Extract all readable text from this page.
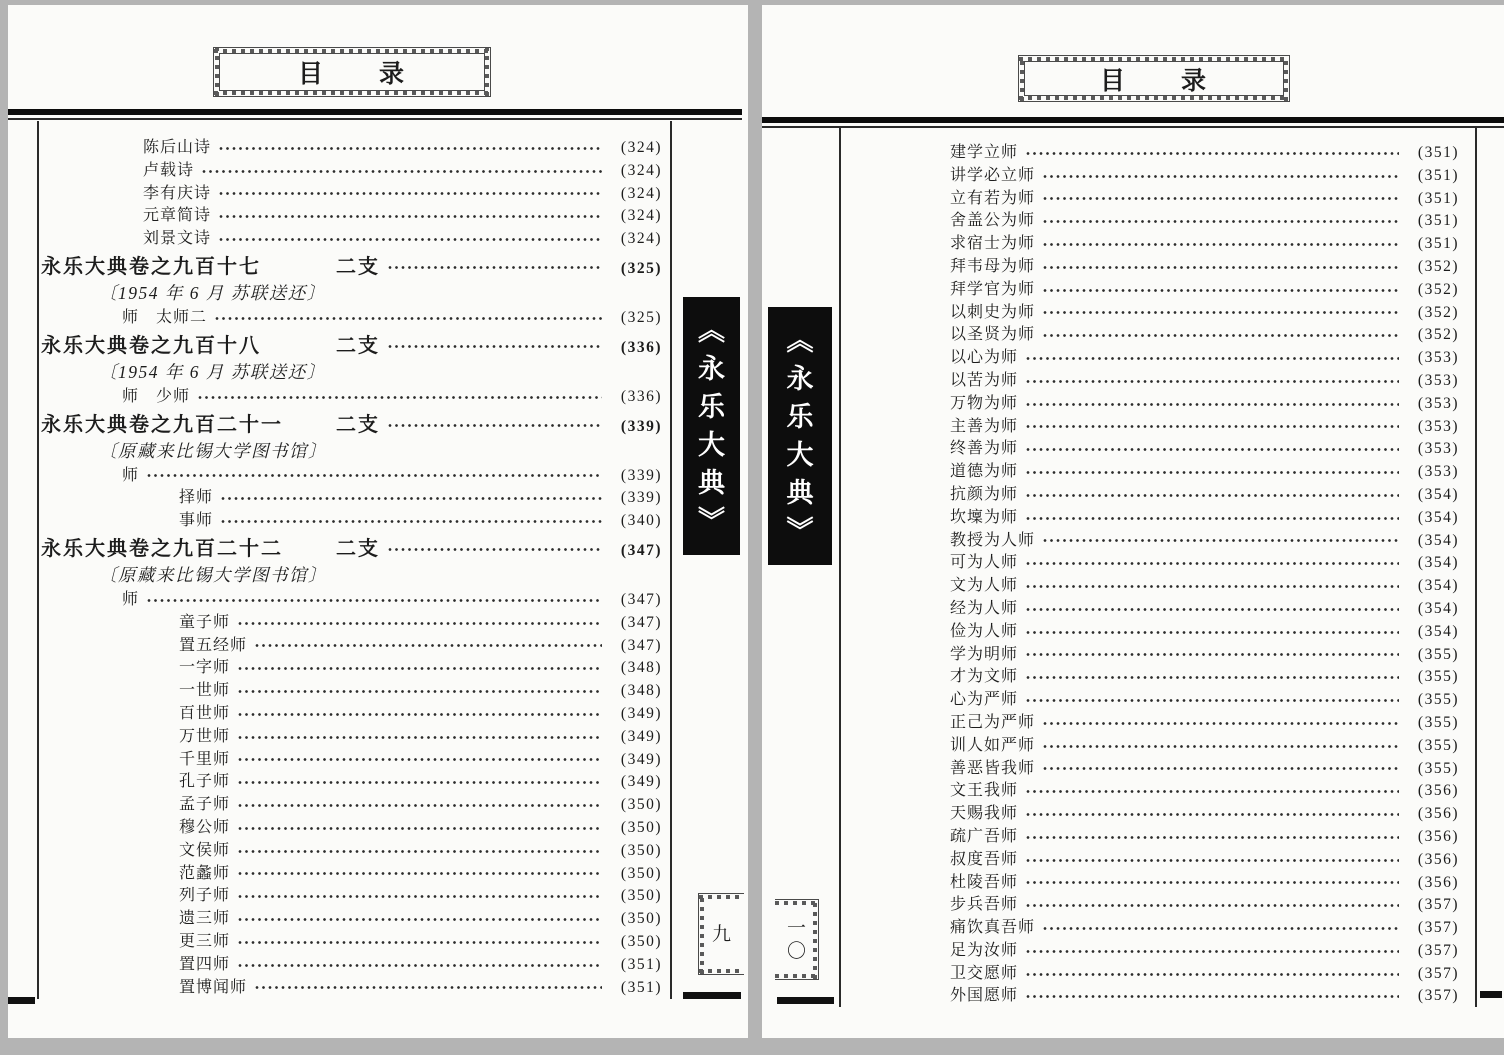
目　　录
陈后山诗	(324)
卢载诗	(324)
李有庆诗	(324)
元章简诗	(324)
刘景文诗	(324)
永乐大典卷之九百十七	二支	(325)
〔1954 年 6 月 苏联送还〕
师　太师二	(325)
永乐大典卷之九百十八	二支	(336)
〔1954 年 6 月 苏联送还〕
师　少师	(336)
永乐大典卷之九百二十一	二支	(339)
〔原藏来比锡大学图书馆〕
师	(339)
择师	(339)
事师	(340)
永乐大典卷之九百二十二	二支	(347)
〔原藏来比锡大学图书馆〕
师	(347)
童子师	(347)
置五经师	(347)
一字师	(348)
一世师	(348)
百世师	(349)
万世师	(349)
千里师	(349)
孔子师	(349)
孟子师	(350)
穆公师	(350)
文侯师	(350)
范蠡师	(350)
列子师	(350)
遗三师	(350)
更三师	(350)
置四师	(351)
置博闻师	(351)
︽
永
乐
大
典
︾
九
目　　录
建学立师	(351)
讲学必立师	(351)
立有若为师	(351)
舍盖公为师	(351)
求宿士为师	(351)
拜韦母为师	(352)
拜学官为师	(352)
以刺史为师	(352)
以圣贤为师	(352)
以心为师	(353)
以苦为师	(353)
万物为师	(353)
主善为师	(353)
终善为师	(353)
道德为师	(353)
抗颜为师	(354)
坎壈为师	(354)
教授为人师	(354)
可为人师	(354)
文为人师	(354)
经为人师	(354)
俭为人师	(354)
学为明师	(355)
才为文师	(355)
心为严师	(355)
正己为严师	(355)
训人如严师	(355)
善恶皆我师	(355)
文王我师	(356)
天赐我师	(356)
疏广吾师	(356)
叔度吾师	(356)
杜陵吾师	(356)
步兵吾师	(357)
痛饮真吾师	(357)
足为汝师	(357)
卫交愿师	(357)
外国愿师	(357)
︽
永
乐
大
典
︾
一
〇
